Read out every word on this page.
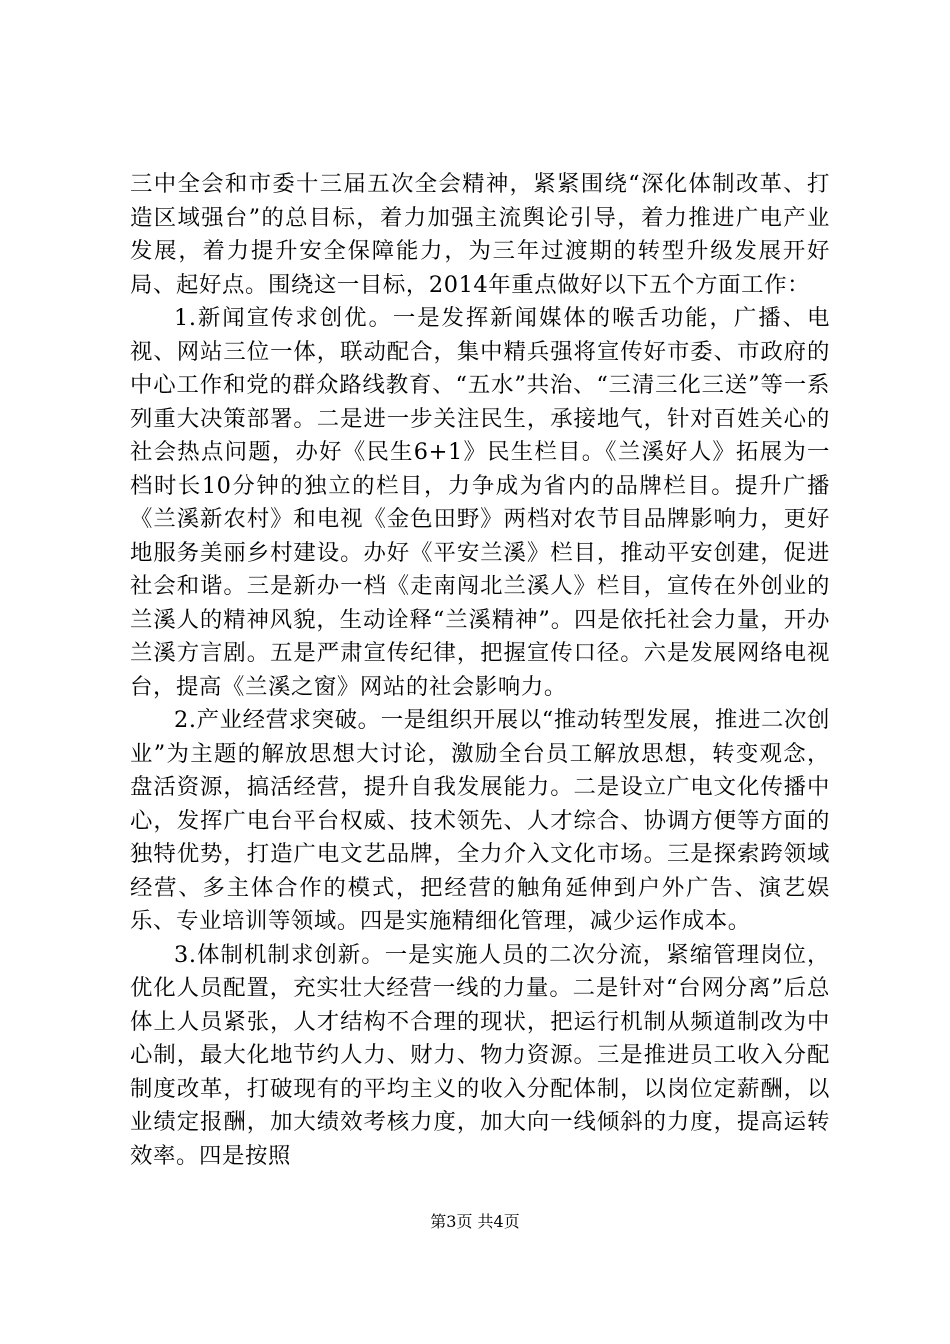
三中全会和市委十三届五次全会精神，紧紧围绕“深化体制改革、打造区域强台”的总目标，着力加强主流舆论引导，着力推进广电产业发展，着力提升安全保障能力，为三年过渡期的转型升级发展开好局、起好点。围绕这一目标，2014年重点做好以下五个方面工作：

1.新闻宣传求创优。一是发挥新闻媒体的喉舌功能，广播、电视、网站三位一体，联动配合，集中精兵强将宣传好市委、市政府的中心工作和党的群众路线教育、“五水”共治、“三清三化三送”等一系列重大决策部署。二是进一步关注民生，承接地气，针对百姓关心的社会热点问题，办好《民生6+1》民生栏目。《兰溪好人》拓展为一档时长10分钟的独立的栏目，力争成为省内的品牌栏目。提升广播《兰溪新农村》和电视《金色田野》两档对农节目品牌影响力，更好地服务美丽乡村建设。办好《平安兰溪》栏目，推动平安创建，促进社会和谐。三是新办一档《走南闯北兰溪人》栏目，宣传在外创业的兰溪人的精神风貌，生动诠释“兰溪精神”。四是依托社会力量，开办兰溪方言剧。五是严肃宣传纪律，把握宣传口径。六是发展网络电视台，提高《兰溪之窗》网站的社会影响力。

2.产业经营求突破。一是组织开展以“推动转型发展，推进二次创业”为主题的解放思想大讨论，激励全台员工解放思想，转变观念，盘活资源，搞活经营，提升自我发展能力。二是设立广电文化传播中心，发挥广电台平台权威、技术领先、人才综合、协调方便等方面的独特优势，打造广电文艺品牌，全力介入文化市场。三是探索跨领域经营、多主体合作的模式，把经营的触角延伸到户外广告、演艺娱乐、专业培训等领域。四是实施精细化管理，减少运作成本。

3.体制机制求创新。一是实施人员的二次分流，紧缩管理岗位，优化人员配置，充实壮大经营一线的力量。二是针对“台网分离”后总体上人员紧张，人才结构不合理的现状，把运行机制从频道制改为中心制，最大化地节约人力、财力、物力资源。三是推进员工收入分配制度改革，打破现有的平均主义的收入分配体制，以岗位定薪酬，以业绩定报酬，加大绩效考核力度，加大向一线倾斜的力度，提高运转效率。四是按照

第3页 共4页
